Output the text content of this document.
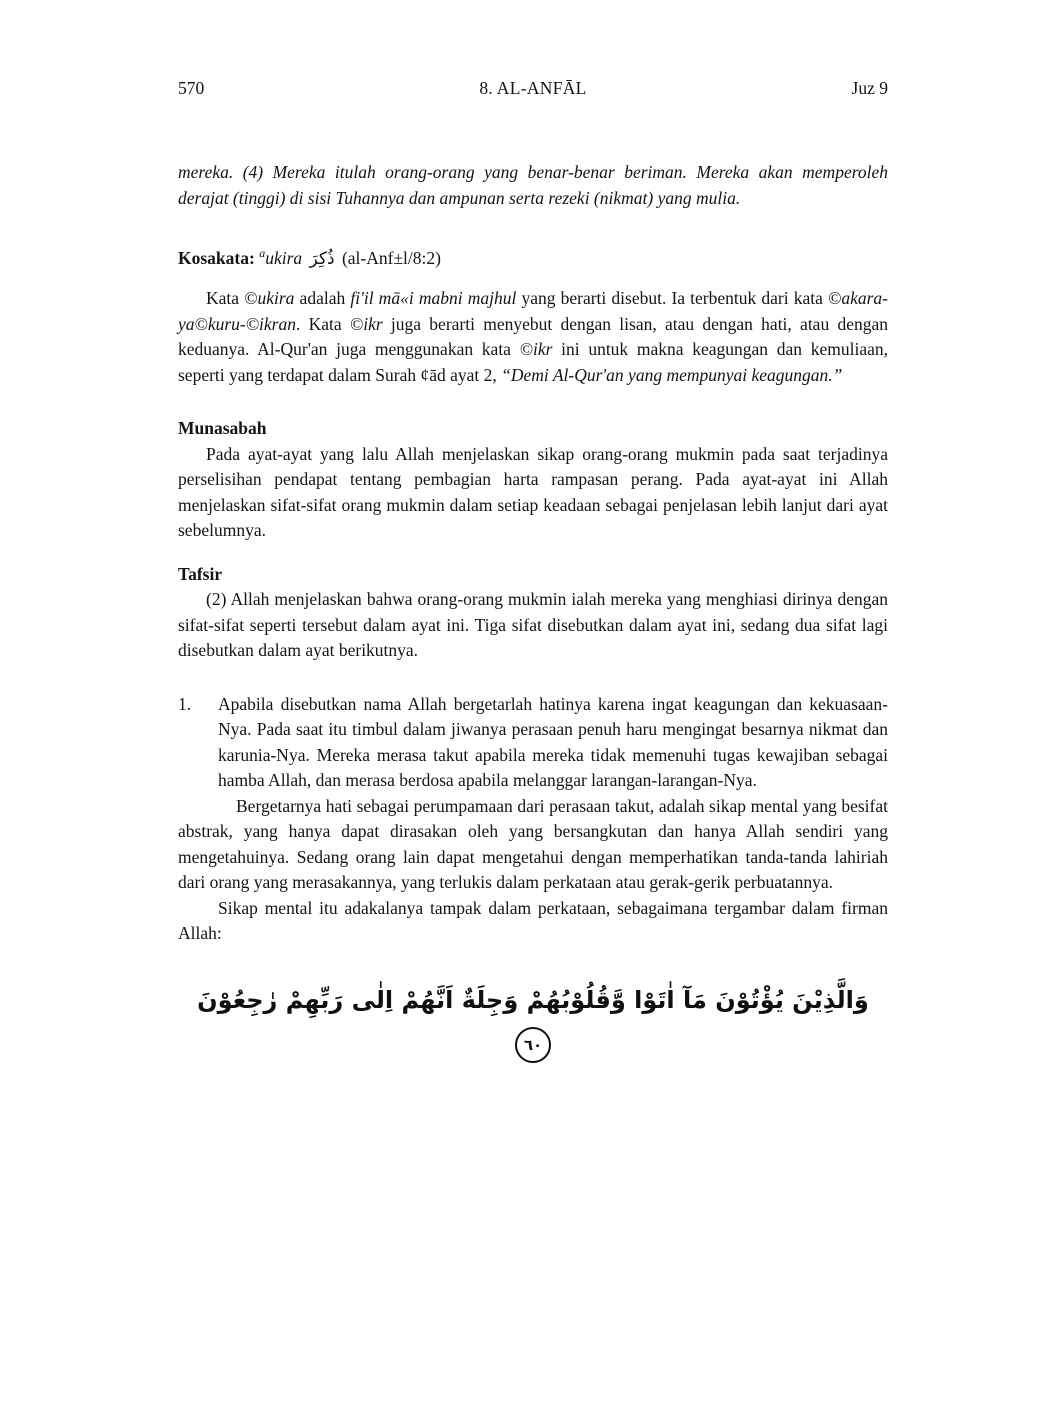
570	8. AL-ANFĀL	Juz 9

mereka. (4) Mereka itulah orang-orang yang benar-benar beriman. Mereka akan memperoleh derajat (tinggi) di sisi Tuhannya dan ampunan serta rezeki (nikmat) yang mulia.

Kosakata: $^a$ukira ذُكِرَ (al-Anf±l/8:2)

Kata ©ukira adalah fi'il mā«i mabni majhul yang berarti disebut. Ia terbentuk dari kata ©akara-ya©kuru-©ikran. Kata ©ikr juga berarti menyebut dengan lisan, atau dengan hati, atau dengan keduanya. Al-Qur'an juga menggunakan kata ©ikr ini untuk makna keagungan dan kemuliaan, seperti yang terdapat dalam Surah ¢ād ayat 2, “Demi Al-Qur'an yang mempunyai keagungan.”

Munasabah

Pada ayat-ayat yang lalu Allah menjelaskan sikap orang-orang mukmin pada saat terjadinya perselisihan pendapat tentang pembagian harta rampasan perang. Pada ayat-ayat ini Allah menjelaskan sifat-sifat orang mukmin dalam setiap keadaan sebagai penjelasan lebih lanjut dari ayat sebelumnya.

Tafsir

(2) Allah menjelaskan bahwa orang-orang mukmin ialah mereka yang menghiasi dirinya dengan sifat-sifat seperti tersebut dalam ayat ini. Tiga sifat disebutkan dalam ayat ini, sedang dua sifat lagi disebutkan dalam ayat berikutnya.

1.	Apabila disebutkan nama Allah bergetarlah hatinya karena ingat keagungan dan kekuasaan-Nya. Pada saat itu timbul dalam jiwanya perasaan penuh haru mengingat besarnya nikmat dan karunia-Nya. Mereka merasa takut apabila mereka tidak memenuhi tugas kewajiban sebagai hamba Allah, dan merasa berdosa apabila melanggar larangan-larangan-Nya.

Bergetarnya hati sebagai perumpamaan dari perasaan takut, adalah sikap mental yang besifat abstrak, yang hanya dapat dirasakan oleh yang bersangkutan dan hanya Allah sendiri yang mengetahuinya. Sedang orang lain dapat mengetahui dengan memperhatikan tanda-tanda lahiriah dari orang yang merasakannya, yang terlukis dalam perkataan atau gerak-gerik perbuatannya.

Sikap mental itu adakalanya tampak dalam perkataan, sebagaimana tergambar dalam firman Allah:

وَالَّذِيْنَ يُؤْتُوْنَ مَآ اٰتَوْا وَّقُلُوْبُهُمْ وَجِلَةٌ اَنَّهُمْ اِلٰى رَبِّهِمْ رٰجِعُوْنَ٦٠
